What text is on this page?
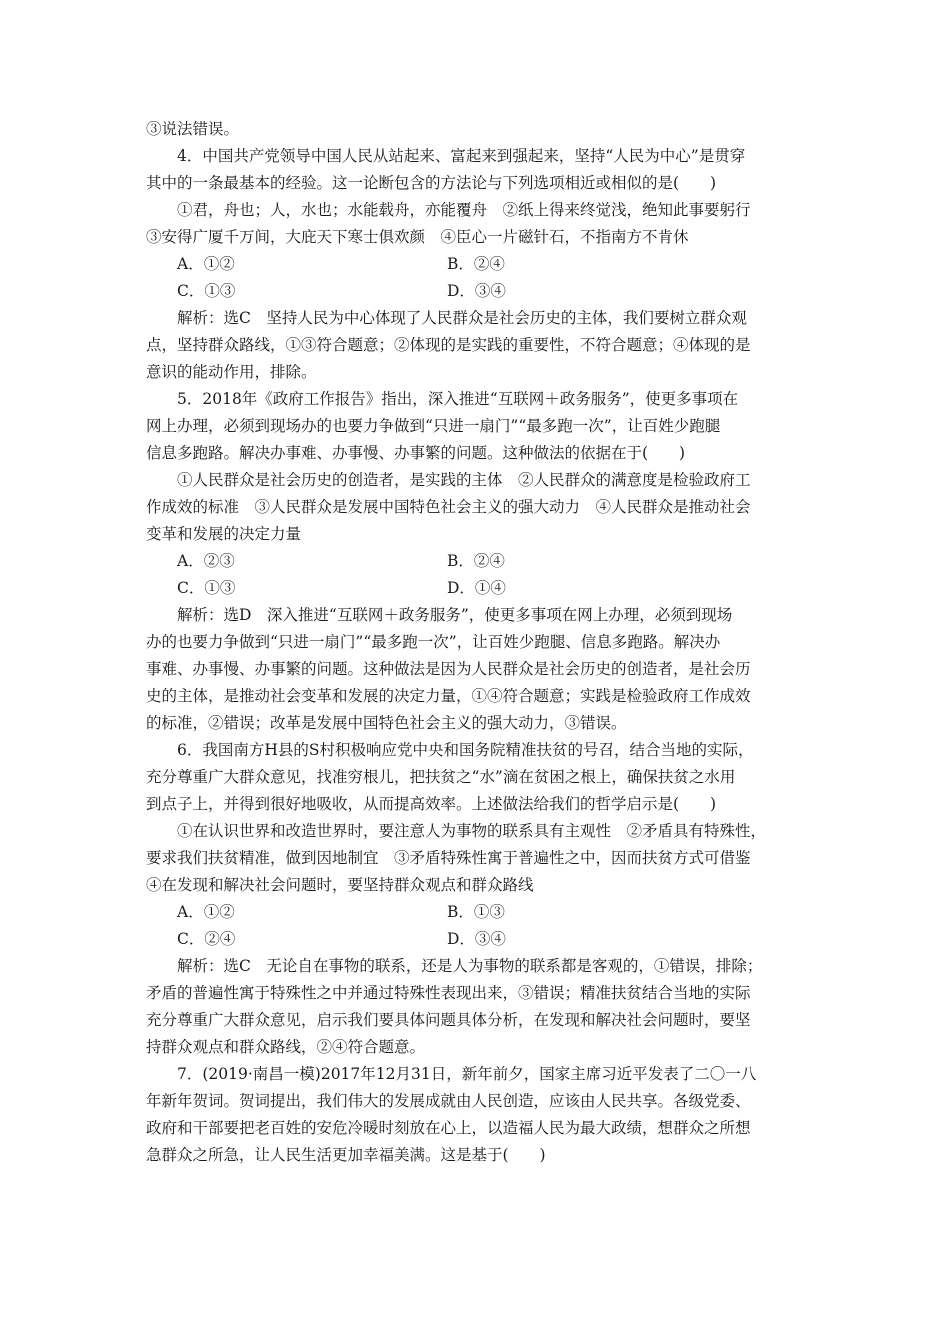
③说法错误。
4．中国共产党领导中国人民从站起来、富起来到强起来，坚持“人民为中心”是贯穿
其中的一条最基本的经验。这一论断包含的方法论与下列选项相近或相似的是(　　)
①君，舟也；人，水也；水能载舟，亦能覆舟　②纸上得来终觉浅，绝知此事要躬行
③安得广厦千万间，大庇天下寒士俱欢颜　④臣心一片磁针石，不指南方不肯休
A．①②	B．②④
C．①③	D．③④
解析：选C　坚持人民为中心体现了人民群众是社会历史的主体，我们要树立群众观
点，坚持群众路线，①③符合题意；②体现的是实践的重要性，不符合题意；④体现的是
意识的能动作用，排除。
5．2018年《政府工作报告》指出，深入推进“互联网＋政务服务”，使更多事项在
网上办理，必须到现场办的也要力争做到“只进一扇门”“最多跑一次”，让百姓少跑腿
信息多跑路。解决办事难、办事慢、办事繁的问题。这种做法的依据在于(　　)
①人民群众是社会历史的创造者，是实践的主体　②人民群众的满意度是检验政府工
作成效的标准　③人民群众是发展中国特色社会主义的强大动力　④人民群众是推动社会
变革和发展的决定力量
A．②③	B．②④
C．①③	D．①④
解析：选D　深入推进“互联网＋政务服务”，使更多事项在网上办理，必须到现场
办的也要力争做到“只进一扇门”“最多跑一次”，让百姓少跑腿、信息多跑路。解决办
事难、办事慢、办事繁的问题。这种做法是因为人民群众是社会历史的创造者，是社会历
史的主体，是推动社会变革和发展的决定力量，①④符合题意；实践是检验政府工作成效
的标准，②错误；改革是发展中国特色社会主义的强大动力，③错误。
6．我国南方H县的S村积极响应党中央和国务院精准扶贫的号召，结合当地的实际，
充分尊重广大群众意见，找准穷根儿，把扶贫之“水”滴在贫困之根上，确保扶贫之水用
到点子上，并得到很好地吸收，从而提高效率。上述做法给我们的哲学启示是(　　)
①在认识世界和改造世界时，要注意人为事物的联系具有主观性　②矛盾具有特殊性，
要求我们扶贫精准，做到因地制宜　③矛盾特殊性寓于普遍性之中，因而扶贫方式可借鉴
④在发现和解决社会问题时，要坚持群众观点和群众路线
A．①②	B．①③
C．②④	D．③④
解析：选C　无论自在事物的联系，还是人为事物的联系都是客观的，①错误，排除；
矛盾的普遍性寓于特殊性之中并通过特殊性表现出来，③错误；精准扶贫结合当地的实际
充分尊重广大群众意见，启示我们要具体问题具体分析，在发现和解决社会问题时，要坚
持群众观点和群众路线，②④符合题意。
7．(2019·南昌一模)2017年12月31日，新年前夕，国家主席习近平发表了二〇一八
年新年贺词。贺词提出，我们伟大的发展成就由人民创造，应该由人民共享。各级党委、
政府和干部要把老百姓的安危冷暖时刻放在心上，以造福人民为最大政绩，想群众之所想
急群众之所急，让人民生活更加幸福美满。这是基于(　　)
